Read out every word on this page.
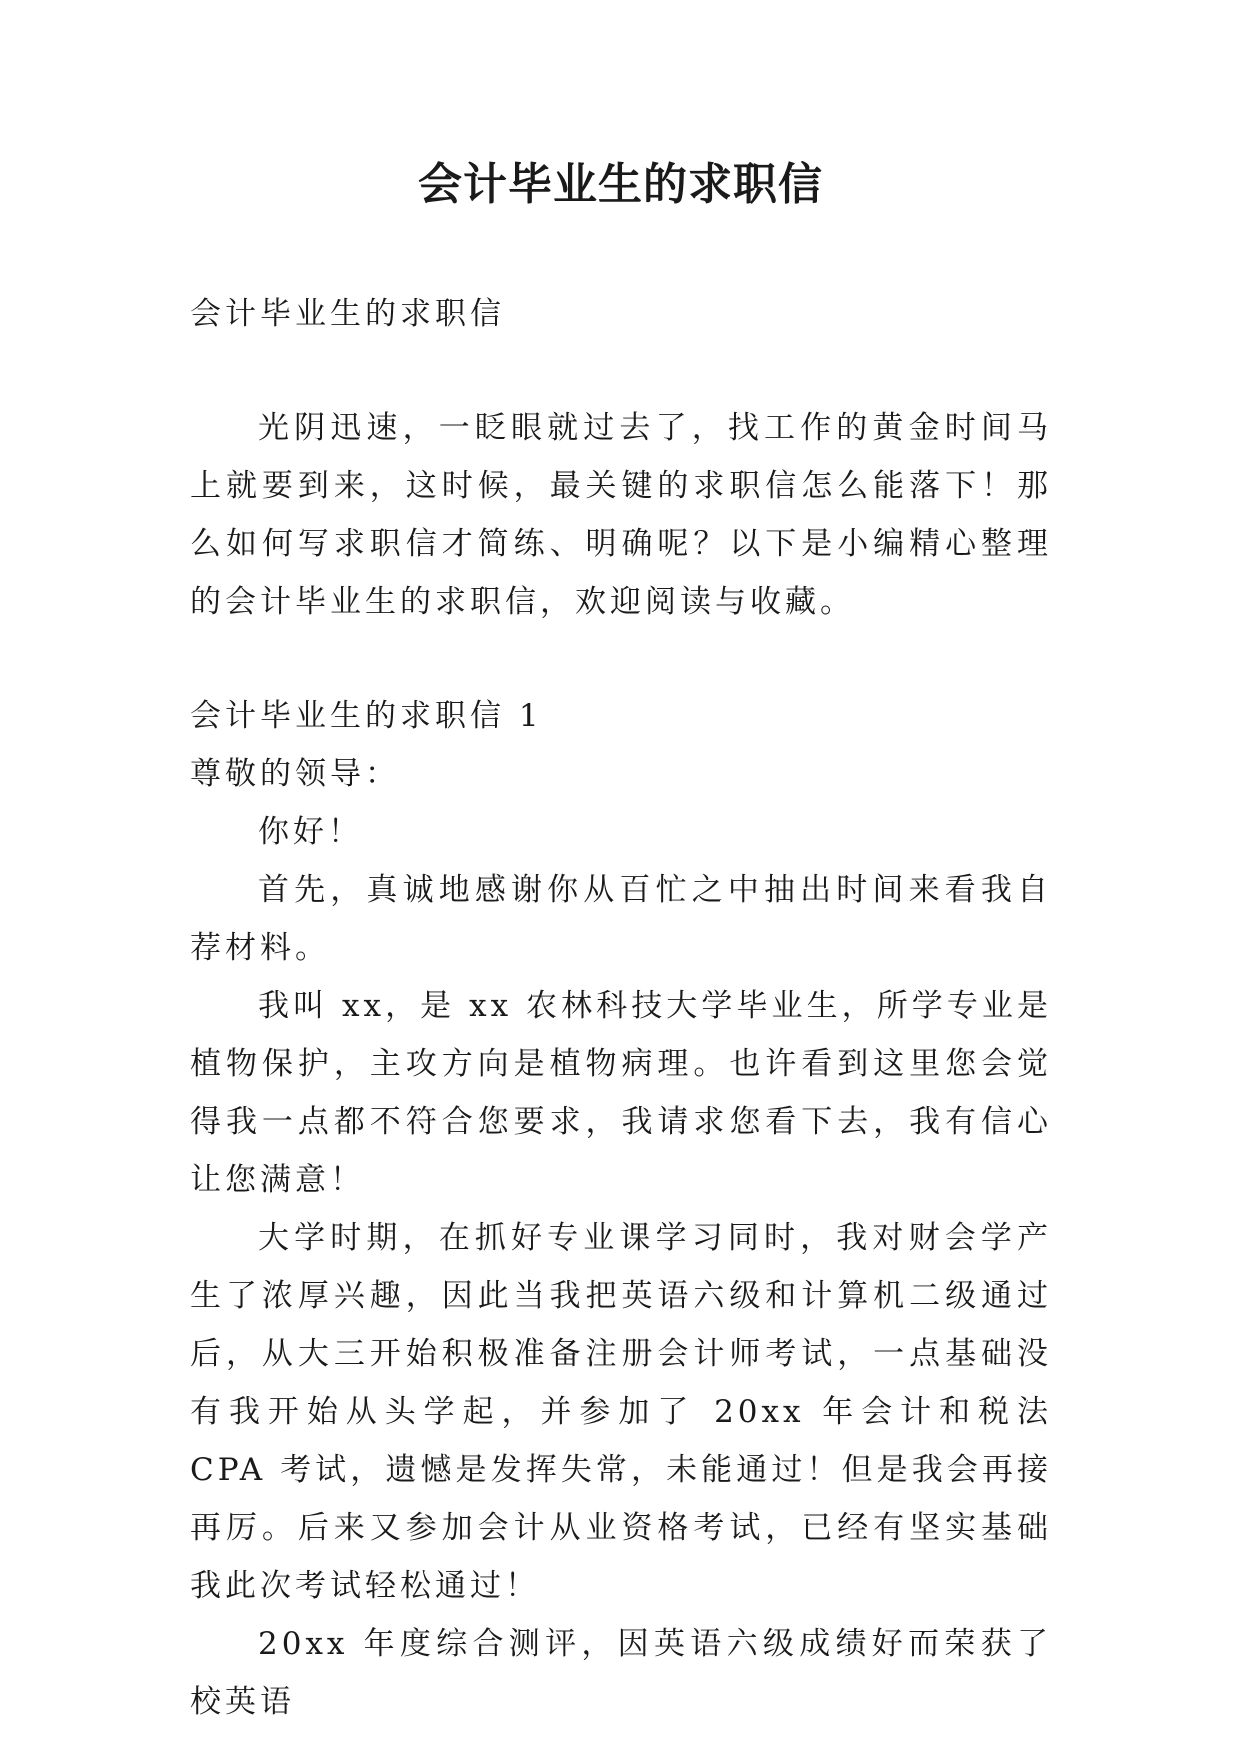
会计毕业生的求职信

会计毕业生的求职信

光阴迅速，一眨眼就过去了，找工作的黄金时间马上就要到来，这时候，最关键的求职信怎么能落下！那么如何写求职信才简练、明确呢？以下是小编精心整理的会计毕业生的求职信，欢迎阅读与收藏。

会计毕业生的求职信 1

尊敬的领导：

你好！

首先，真诚地感谢你从百忙之中抽出时间来看我自荐材料。

我叫 xx，是 xx 农林科技大学毕业生，所学专业是植物保护，主攻方向是植物病理。也许看到这里您会觉得我一点都不符合您要求，我请求您看下去，我有信心让您满意！

大学时期，在抓好专业课学习同时，我对财会学产生了浓厚兴趣，因此当我把英语六级和计算机二级通过后，从大三开始积极准备注册会计师考试，一点基础没有我开始从头学起，并参加了 20xx 年会计和税法 CPA 考试，遗憾是发挥失常，未能通过！但是我会再接再厉。后来又参加会计从业资格考试，已经有坚实基础我此次考试轻松通过！

20xx 年度综合测评，因英语六级成绩好而荣获了校英语
